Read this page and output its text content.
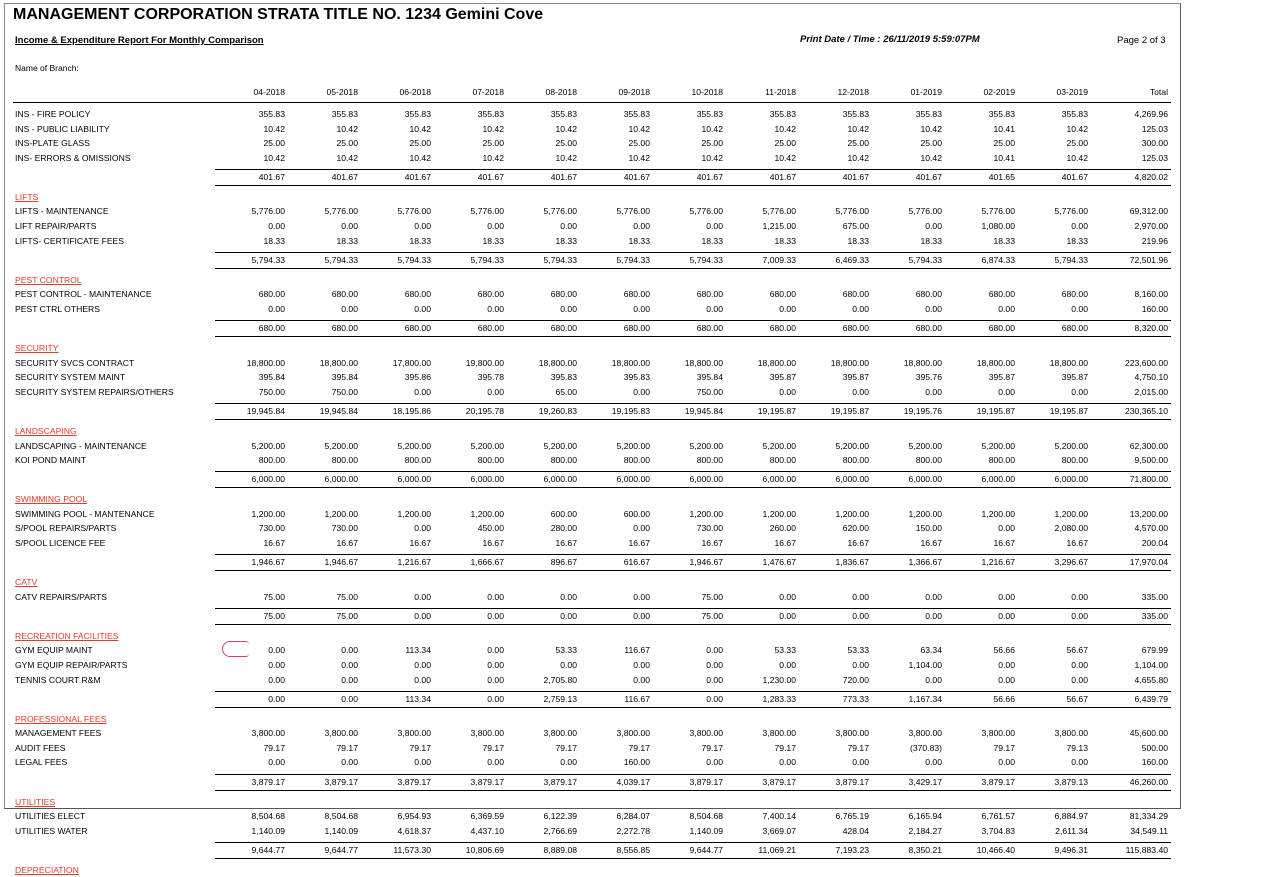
MANAGEMENT CORPORATION STRATA TITLE NO. 1234 Gemini Cove
Income & Expenditure Report For Monthly Comparison	Print Date / Time : 26/11/2019 5:59:07PM	Page 2 of 3
Name of Branch:
	04-2018	05-2018	06-2018	07-2018	08-2018	09-2018	10-2018	11-2018	12-2018	01-2019	02-2019	03-2019	Total

INS - FIRE POLICY	355.83	355.83	355.83	355.83	355.83	355.83	355.83	355.83	355.83	355.83	355.83	355.83	4,269.96
INS - PUBLIC LIABILITY	10.42	10.42	10.42	10.42	10.42	10.42	10.42	10.42	10.42	10.42	10.41	10.42	125.03
INS-PLATE GLASS	25.00	25.00	25.00	25.00	25.00	25.00	25.00	25.00	25.00	25.00	25.00	25.00	300.00
INS- ERRORS & OMISSIONS	10.42	10.42	10.42	10.42	10.42	10.42	10.42	10.42	10.42	10.42	10.41	10.42	125.03

	401.67	401.67	401.67	401.67	401.67	401.67	401.67	401.67	401.67	401.67	401.65	401.67	4,820.02
LIFTS													
LIFTS - MAINTENANCE	5,776.00	5,776.00	5,776.00	5,776.00	5,776.00	5,776.00	5,776.00	5,776.00	5,776.00	5,776.00	5,776.00	5,776.00	69,312.00
LIFT REPAIR/PARTS	0.00	0.00	0.00	0.00	0.00	0.00	0.00	1,215.00	675.00	0.00	1,080.00	0.00	2,970.00
LIFTS- CERTIFICATE FEES	18.33	18.33	18.33	18.33	18.33	18.33	18.33	18.33	18.33	18.33	18.33	18.33	219.96

	5,794.33	5,794.33	5,794.33	5,794.33	5,794.33	5,794.33	5,794.33	7,009.33	6,469.33	5,794.33	6,874.33	5,794.33	72,501.96
PEST CONTROL													
PEST CONTROL - MAINTENANCE	680.00	680.00	680.00	680.00	680.00	680.00	680.00	680.00	680.00	680.00	680.00	680.00	8,160.00
PEST CTRL OTHERS	0.00	0.00	0.00	0.00	0.00	0.00	0.00	0.00	0.00	0.00	0.00	0.00	160.00

	680.00	680.00	680.00	680.00	680.00	680.00	680.00	680.00	680.00	680.00	680.00	680.00	8,320.00
SECURITY													
SECURITY SVCS CONTRACT	18,800.00	18,800.00	17,800.00	19,800.00	18,800.00	18,800.00	18,800.00	18,800.00	18,800.00	18,800.00	18,800.00	18,800.00	223,600.00
SECURITY SYSTEM MAINT	395.84	395.84	395.86	395.78	395.83	395.83	395.84	395.87	395.87	395.76	395.87	395.87	4,750.10
SECURITY SYSTEM REPAIRS/OTHERS	750.00	750.00	0.00	0.00	65.00	0.00	750.00	0.00	0.00	0.00	0.00	0.00	2,015.00

	19,945.84	19,945.84	18,195.86	20,195.78	19,260.83	19,195.83	19,945.84	19,195.87	19,195.87	19,195.76	19,195.87	19,195.87	230,365.10
LANDSCAPING													
LANDSCAPING - MAINTENANCE	5,200.00	5,200.00	5,200.00	5,200.00	5,200.00	5,200.00	5,200.00	5,200.00	5,200.00	5,200.00	5,200.00	5,200.00	62,300.00
KOI POND MAINT	800.00	800.00	800.00	800.00	800.00	800.00	800.00	800.00	800.00	800.00	800.00	800.00	9,500.00

	6,000.00	6,000.00	6,000.00	6,000.00	6,000.00	6,000.00	6,000.00	6,000.00	6,000.00	6,000.00	6,000.00	6,000.00	71,800.00
SWIMMING POOL													
SWIMMING POOL - MANTENANCE	1,200.00	1,200.00	1,200.00	1,200.00	600.00	600.00	1,200.00	1,200.00	1,200.00	1,200.00	1,200.00	1,200.00	13,200.00
S/POOL REPAIRS/PARTS	730.00	730.00	0.00	450.00	280.00	0.00	730.00	260.00	620.00	150.00	0.00	2,080.00	4,570.00
S/POOL LICENCE FEE	16.67	16.67	16.67	16.67	16.67	16.67	16.67	16.67	16.67	16.67	16.67	16.67	200.04

	1,946.67	1,946.67	1,216.67	1,666.67	896.67	616.67	1,946.67	1,476.67	1,836.67	1,366.67	1,216.67	3,296.67	17,970.04
CATV													
CATV REPAIRS/PARTS	75.00	75.00	0.00	0.00	0.00	0.00	75.00	0.00	0.00	0.00	0.00	0.00	335.00

	75.00	75.00	0.00	0.00	0.00	0.00	75.00	0.00	0.00	0.00	0.00	0.00	335.00
RECREATION FACILITIES													
GYM EQUIP MAINT	0.00	0.00	113.34	0.00	53.33	116.67	0.00	53.33	53.33	63.34	56.66	56.67	679.99
GYM EQUIP REPAIR/PARTS	0.00	0.00	0.00	0.00	0.00	0.00	0.00	0.00	0.00	1,104.00	0.00	0.00	1,104.00
TENNIS COURT R&M	0.00	0.00	0.00	0.00	2,705.80	0.00	0.00	1,230.00	720.00	0.00	0.00	0.00	4,655.80

	0.00	0.00	113.34	0.00	2,759.13	116.67	0.00	1,283.33	773.33	1,167.34	56.66	56.67	6,439.79
PROFESSIONAL FEES													
MANAGEMENT FEES	3,800.00	3,800.00	3,800.00	3,800.00	3,800.00	3,800.00	3,800.00	3,800.00	3,800.00	3,800.00	3,800.00	3,800.00	45,600.00
AUDIT FEES	79.17	79.17	79.17	79.17	79.17	79.17	79.17	79.17	79.17	(370.83)	79.17	79.13	500.00
LEGAL FEES	0.00	0.00	0.00	0.00	0.00	160.00	0.00	0.00	0.00	0.00	0.00	0.00	160.00

	3,879.17	3,879.17	3,879.17	3,879.17	3,879.17	4,039.17	3,879.17	3,879.17	3,879.17	3,429.17	3,879.17	3,879.13	46,260.00
UTILITIES													
UTILITIES ELECT	8,504.68	8,504.68	6,954.93	6,369.59	6,122.39	6,284.07	8,504.68	7,400.14	6,765.19	6,165.94	6,761.57	6,884.97	81,334.29
UTILITIES WATER	1,140.09	1,140.09	4,618.37	4,437.10	2,766.69	2,272.78	1,140.09	3,669.07	428.04	2,184.27	3,704.83	2,611.34	34,549.11

	9,644.77	9,644.77	11,573.30	10,806.69	8,889.08	8,556.85	9,644.77	11,069.21	7,193.23	8,350.21	10,466.40	9,496.31	115,883.40
DEPRECIATION													
